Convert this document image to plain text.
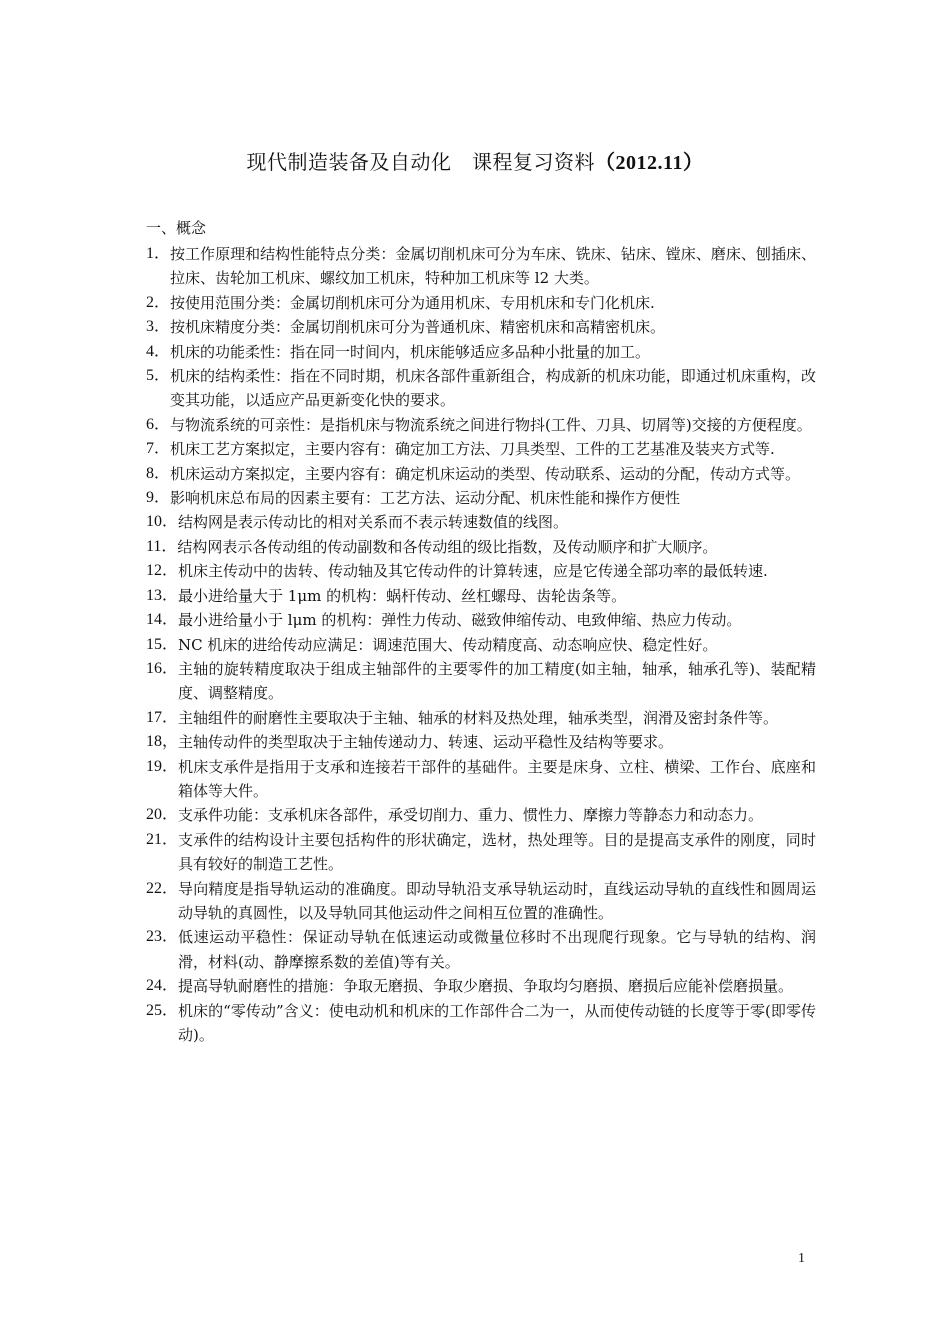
现代制造装备及自动化　课程复习资料（2012.11）
一、概念
1． 按工作原理和结构性能特点分类：金属切削机床可分为车床、铣床、钻床、镗床、磨床、刨插床、拉床、齿轮加工机床、螺纹加工机床，特种加工机床等 l2 大类。
2． 按使用范围分类：金属切削机床可分为通用机床、专用机床和专门化机床.
3． 按机床精度分类：金属切削机床可分为普通机床、精密机床和高精密机床。
4． 机床的功能柔性：指在同一时间内，机床能够适应多品种小批量的加工。
5． 机床的结构柔性：指在不同时期，机床各部件重新组合，构成新的机床功能，即通过机床重构，改变其功能，以适应产品更新变化快的要求。
6． 与物流系统的可亲性：是指机床与物流系统之间进行物抖(工件、刀具、切屑等)交接的方便程度。
7． 机床工艺方案拟定，主要内容有：确定加工方法、刀具类型、工件的工艺基准及装夹方式等.
8． 机床运动方案拟定，主要内容有：确定机床运动的类型、传动联系、运动的分配，传动方式等。
9． 影响机床总布局的因素主要有：工艺方法、运动分配、机床性能和操作方便性
10． 结构网是表示传动比的相对关系而不表示转速数值的线图。
11． 结构网表示各传动组的传动副数和各传动组的级比指数，及传动顺序和扩大顺序。
12． 机床主传动中的齿转、传动轴及其它传动件的计算转速，应是它传递全部功率的最低转速.
13． 最小进给量大于 1μm 的机构：蜗杆传动、丝杠螺母、齿轮齿条等。
14． 最小进给量小于 lμm 的机构：弹性力传动、磁致伸缩传动、电致伸缩、热应力传动。
15． NC 机床的进给传动应满足：调速范围大、传动精度高、动态响应快、稳定性好。
16． 主轴的旋转精度取决于组成主轴部件的主要零件的加工精度(如主轴，轴承，轴承孔等)、装配精度、调整精度。
17． 主轴组件的耐磨性主要取决于主轴、轴承的材料及热处理，轴承类型，润滑及密封条件等。
18， 主轴传动件的类型取决于主轴传递动力、转速、运动平稳性及结构等要求。
19． 机床支承件是指用于支承和连接若干部件的基础件。主要是床身、立柱、横梁、工作台、底座和箱体等大件。
20． 支承件功能：支承机床各部件，承受切削力、重力、惯性力、摩擦力等静态力和动态力。
21． 支承件的结构设计主要包括构件的形状确定，选材，热处理等。目的是提高支承件的刚度，同时具有较好的制造工艺性。
22． 导向精度是指导轨运动的准确度。即动导轨沿支承导轨运动时，直线运动导轨的直线性和圆周运动导轨的真圆性，以及导轨同其他运动件之间相互位置的准确性。
23． 低速运动平稳性：保证动导轨在低速运动或微量位移时不出现爬行现象。它与导轨的结构、润滑，材料(动、静摩擦系数的差值)等有关。
24． 提高导轨耐磨性的措施：争取无磨损、争取少磨损、争取均匀磨损、磨损后应能补偿磨损量。
25． 机床的“零传动”含义：使电动机和机床的工作部件合二为一，从而使传动链的长度等于零(即零传动)。
1
